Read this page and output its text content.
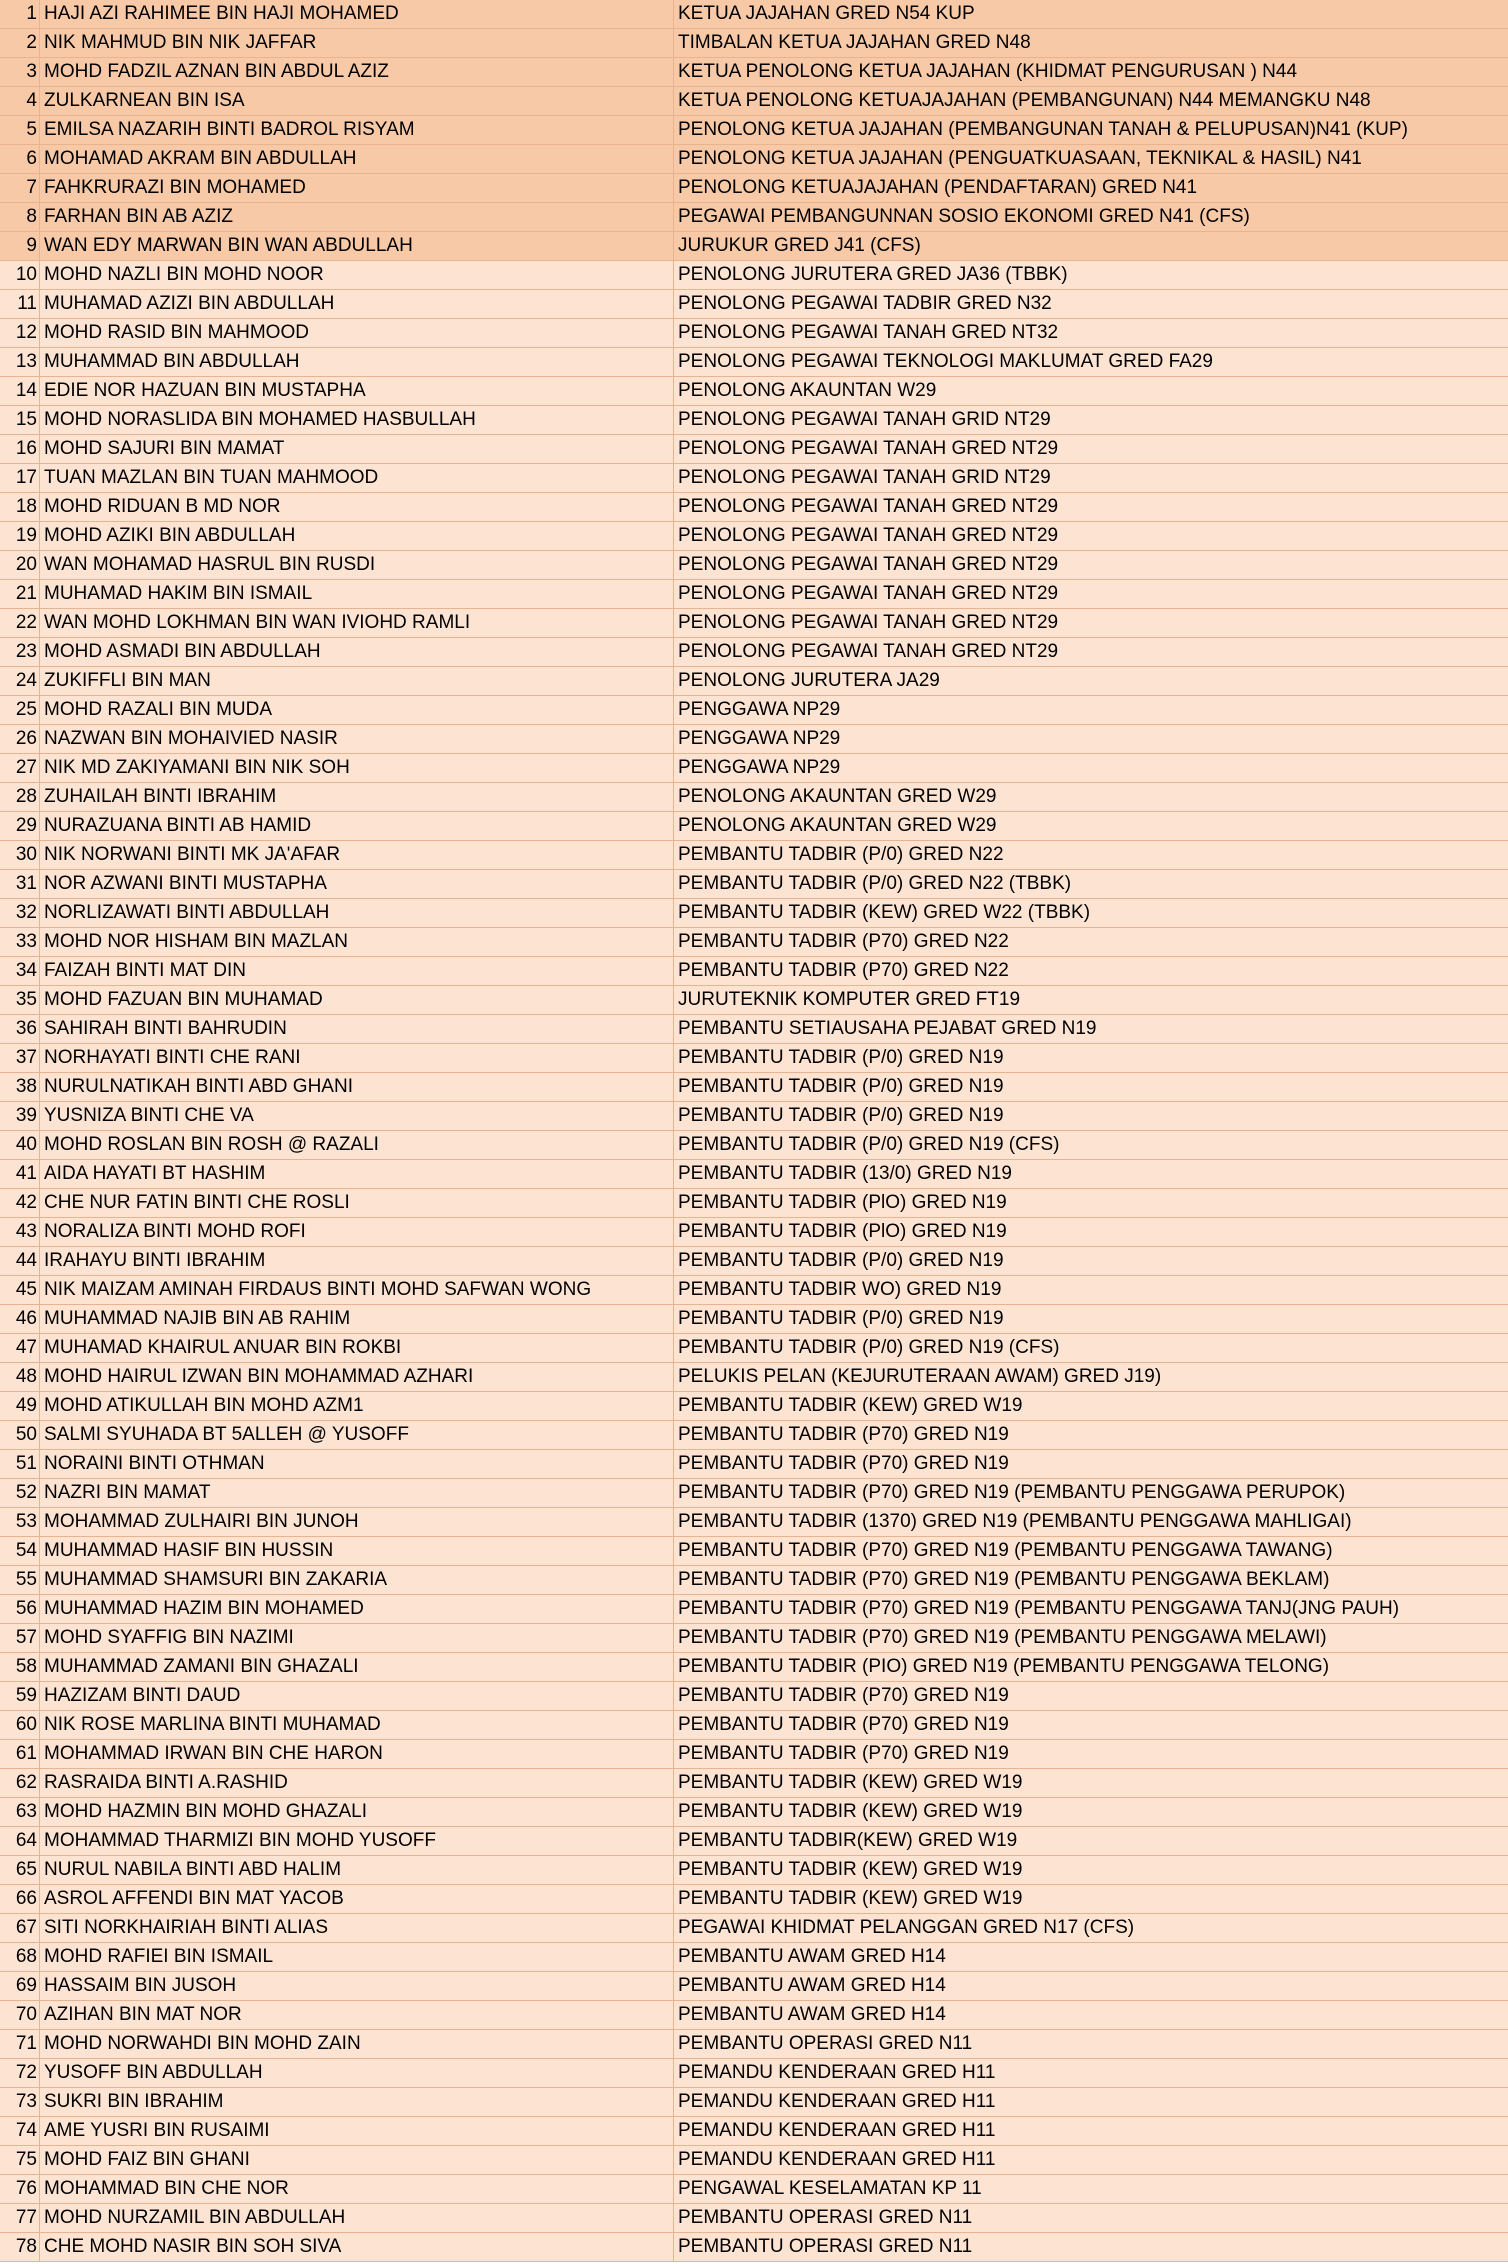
1 HAJI AZI RAHIMEE BIN HAJI MOHAMED	KETUA JAJAHAN GRED N54 KUP
2 NIK MAHMUD BIN NIK JAFFAR	TIMBALAN KETUA JAJAHAN GRED N48
3 MOHD FADZIL AZNAN BIN ABDUL AZIZ	KETUA PENOLONG KETUA JAJAHAN (KHIDMAT PENGURUSAN ) N44
4 ZULKARNEAN BIN ISA	KETUA PENOLONG KETUAJAJAHAN (PEMBANGUNAN) N44 MEMANGKU N48
5 EMILSA NAZARIH BINTI BADROL RISYAM	PENOLONG KETUA JAJAHAN (PEMBANGUNAN TANAH & PELUPUSAN)N41 (KUP)
6 MOHAMAD AKRAM BIN ABDULLAH	PENOLONG KETUA JAJAHAN (PENGUATKUASAAN, TEKNIKAL & HASIL) N41
7 FAHKRURAZI BIN MOHAMED	PENOLONG KETUAJAJAHAN (PENDAFTARAN) GRED N41
8 FARHAN BIN AB AZIZ	PEGAWAI PEMBANGUNNAN SOSIO EKONOMI GRED N41 (CFS)
9 WAN EDY MARWAN BIN WAN ABDULLAH	JURUKUR GRED J41 (CFS)
10 MOHD NAZLI BIN MOHD NOOR	PENOLONG JURUTERA GRED JA36 (TBBK)
11 MUHAMAD AZIZI BIN ABDULLAH	PENOLONG PEGAWAI TADBIR GRED N32
12 MOHD RASID BIN MAHMOOD	PENOLONG PEGAWAI TANAH GRED NT32
13 MUHAMMAD BIN ABDULLAH	PENOLONG PEGAWAI TEKNOLOGI MAKLUMAT GRED FA29
14 EDIE NOR HAZUAN BIN MUSTAPHA	PENOLONG AKAUNTAN W29
15 MOHD NORASLIDA BIN MOHAMED HASBULLAH	PENOLONG PEGAWAI TANAH GRID NT29
16 MOHD SAJURI BIN MAMAT	PENOLONG PEGAWAI TANAH GRED NT29
17 TUAN MAZLAN BIN TUAN MAHMOOD	PENOLONG PEGAWAI TANAH GRID NT29
18 MOHD RIDUAN B MD NOR	PENOLONG PEGAWAI TANAH GRED NT29
19 MOHD AZIKI BIN ABDULLAH	PENOLONG PEGAWAI TANAH GRED NT29
20 WAN MOHAMAD HASRUL BIN RUSDI	PENOLONG PEGAWAI TANAH GRED NT29
21 MUHAMAD HAKIM BIN ISMAIL	PENOLONG PEGAWAI TANAH GRED NT29
22 WAN MOHD LOKHMAN BIN WAN IVIOHD RAMLI	PENOLONG PEGAWAI TANAH GRED NT29
23 MOHD ASMADI BIN ABDULLAH	PENOLONG PEGAWAI TANAH GRED NT29
24 ZUKIFFLI BIN MAN	PENOLONG JURUTERA JA29
25 MOHD RAZALI BIN MUDA	PENGGAWA NP29
26 NAZWAN BIN MOHAIVIED NASIR	PENGGAWA NP29
27 NIK MD ZAKIYAMANI BIN NIK SOH	PENGGAWA NP29
28 ZUHAILAH BINTI IBRAHIM	PENOLONG AKAUNTAN GRED W29
29 NURAZUANA BINTI AB HAMID	PENOLONG AKAUNTAN GRED W29
30 NIK NORWANI BINTI MK JA'AFAR	PEMBANTU TADBIR (P/0) GRED N22
31 NOR AZWANI BINTI MUSTAPHA	PEMBANTU TADBIR (P/0) GRED N22 (TBBK)
32 NORLIZAWATI BINTI ABDULLAH	PEMBANTU TADBIR (KEW) GRED W22 (TBBK)
33 MOHD NOR HISHAM BIN MAZLAN	PEMBANTU TADBIR (P70) GRED N22
34 FAIZAH BINTI MAT DIN	PEMBANTU TADBIR (P70) GRED N22
35 MOHD FAZUAN BIN MUHAMAD	JURUTEKNIK KOMPUTER GRED FT19
36 SAHIRAH BINTI BAHRUDIN	PEMBANTU SETIAUSAHA PEJABAT GRED N19
37 NORHAYATI BINTI CHE RANI	PEMBANTU TADBIR (P/0) GRED N19
38 NURULNATIKAH BINTI ABD GHANI	PEMBANTU TADBIR (P/0) GRED N19
39 YUSNIZA BINTI CHE VA	PEMBANTU TADBIR (P/0) GRED N19
40 MOHD ROSLAN BIN ROSH @ RAZALI	PEMBANTU TADBIR (P/0) GRED N19 (CFS)
41 AIDA HAYATI BT HASHIM	PEMBANTU TADBIR (13/0) GRED N19
42 CHE NUR FATIN BINTI CHE ROSLI	PEMBANTU TADBIR (PlO) GRED N19
43 NORALIZA BINTI MOHD ROFI	PEMBANTU TADBIR (PlO) GRED N19
44 IRAHAYU BINTI IBRAHIM	PEMBANTU TADBIR (P/0) GRED N19
45 NIK MAIZAM AMINAH FIRDAUS BINTI MOHD SAFWAN WONG	PEMBANTU TADBIR WO) GRED N19
46 MUHAMMAD NAJIB BIN AB RAHIM	PEMBANTU TADBIR (P/0) GRED N19
47 MUHAMAD KHAIRUL ANUAR BIN ROKBI	PEMBANTU TADBIR (P/0) GRED N19 (CFS)
48 MOHD HAIRUL IZWAN BIN MOHAMMAD AZHARI	PELUKIS PELAN (KEJURUTERAAN AWAM) GRED J19)
49 MOHD ATIKULLAH BIN MOHD AZM1	PEMBANTU TADBIR (KEW) GRED W19
50 SALMI SYUHADA BT 5ALLEH @ YUSOFF	PEMBANTU TADBIR (P70) GRED N19
51 NORAINI BINTI OTHMAN	PEMBANTU TADBIR (P70) GRED N19
52 NAZRI BIN MAMAT	PEMBANTU TADBIR (P70) GRED N19 (PEMBANTU PENGGAWA PERUPOK)
53 MOHAMMAD ZULHAIRI BIN JUNOH	PEMBANTU TADBIR (1370) GRED N19 (PEMBANTU PENGGAWA MAHLIGAI)
54 MUHAMMAD HASIF BIN HUSSIN	PEMBANTU TADBIR (P70) GRED N19 (PEMBANTU PENGGAWA TAWANG)
55 MUHAMMAD SHAMSURI BIN ZAKARIA	PEMBANTU TADBIR (P70) GRED N19 (PEMBANTU PENGGAWA BEKLAM)
56 MUHAMMAD HAZIM BIN MOHAMED	PEMBANTU TADBIR (P70) GRED N19 (PEMBANTU PENGGAWA TANJ(JNG PAUH)
57 MOHD SYAFFIG BIN NAZIMI	PEMBANTU TADBIR (P70) GRED N19 (PEMBANTU PENGGAWA MELAWI)
58 MUHAMMAD ZAMANI BIN GHAZALI	PEMBANTU TADBIR (PIO) GRED N19 (PEMBANTU PENGGAWA TELONG)
59 HAZIZAM BINTI DAUD	PEMBANTU TADBIR (P70) GRED N19
60 NIK ROSE MARLINA BINTI MUHAMAD	PEMBANTU TADBIR (P70) GRED N19
61 MOHAMMAD IRWAN BIN CHE HARON	PEMBANTU TADBIR (P70) GRED N19
62 RASRAIDA BINTI A.RASHID	PEMBANTU TADBIR (KEW) GRED W19
63 MOHD HAZMIN BIN MOHD GHAZALI	PEMBANTU TADBIR (KEW) GRED W19
64 MOHAMMAD THARMIZI BIN MOHD YUSOFF	PEMBANTU TADBIR(KEW) GRED W19
65 NURUL NABILA BINTI ABD HALIM	PEMBANTU TADBIR (KEW) GRED W19
66 ASROL AFFENDI BIN MAT YACOB	PEMBANTU TADBIR (KEW) GRED W19
67 SITI NORKHAIRIAH BINTI ALIAS	PEGAWAI KHIDMAT PELANGGAN GRED N17 (CFS)
68 MOHD RAFIEI BIN ISMAIL	PEMBANTU AWAM GRED H14
69 HASSAIM BIN JUSOH	PEMBANTU AWAM GRED H14
70 AZIHAN BIN MAT NOR	PEMBANTU AWAM GRED H14
71 MOHD NORWAHDI BIN MOHD ZAIN	PEMBANTU OPERASI GRED N11
72 YUSOFF BIN ABDULLAH	PEMANDU KENDERAAN GRED H11
73 SUKRI BIN IBRAHIM	PEMANDU KENDERAAN GRED H11
74 AME YUSRI BIN RUSAIMI	PEMANDU KENDERAAN GRED H11
75 MOHD FAIZ BIN GHANI	PEMANDU KENDERAAN GRED H11
76 MOHAMMAD BIN CHE NOR	PENGAWAL KESELAMATAN KP 11
77 MOHD NURZAMIL BIN ABDULLAH	PEMBANTU OPERASI GRED N11
78 CHE MOHD NASIR BIN SOH SIVA	PEMBANTU OPERASI GRED N11
